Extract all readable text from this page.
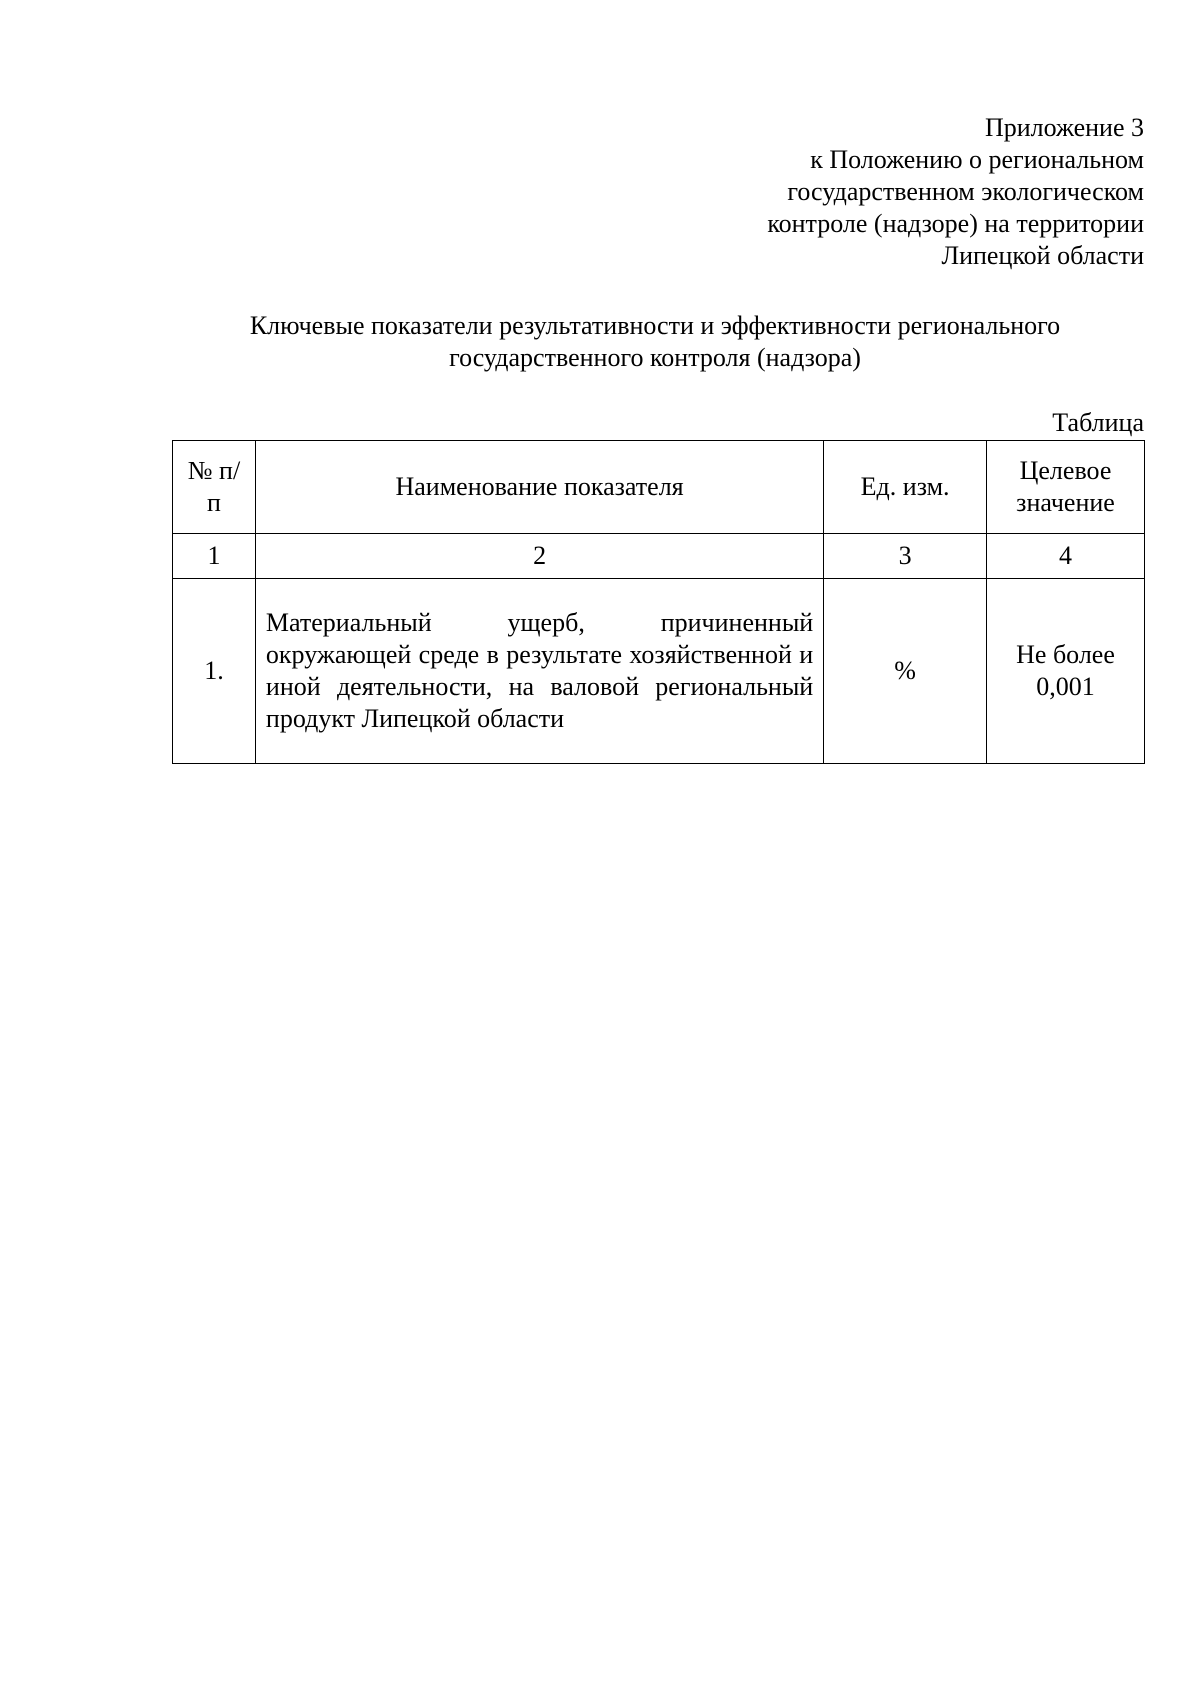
Приложение 3
к Положению о региональном
государственном экологическом
контроле (надзоре) на территории
Липецкой области
Ключевые показатели результативности и эффективности регионального
государственного контроля (надзора)
Таблица
№ п/п	Наименование показателя	Ед. изм.	Целевое значение
1	2	3	4
1.	Материальный ущерб, причиненный окружающей среде в результате хозяйственной и иной деятельности, на валовой региональный продукт Липецкой области	%	Не более 0,001
